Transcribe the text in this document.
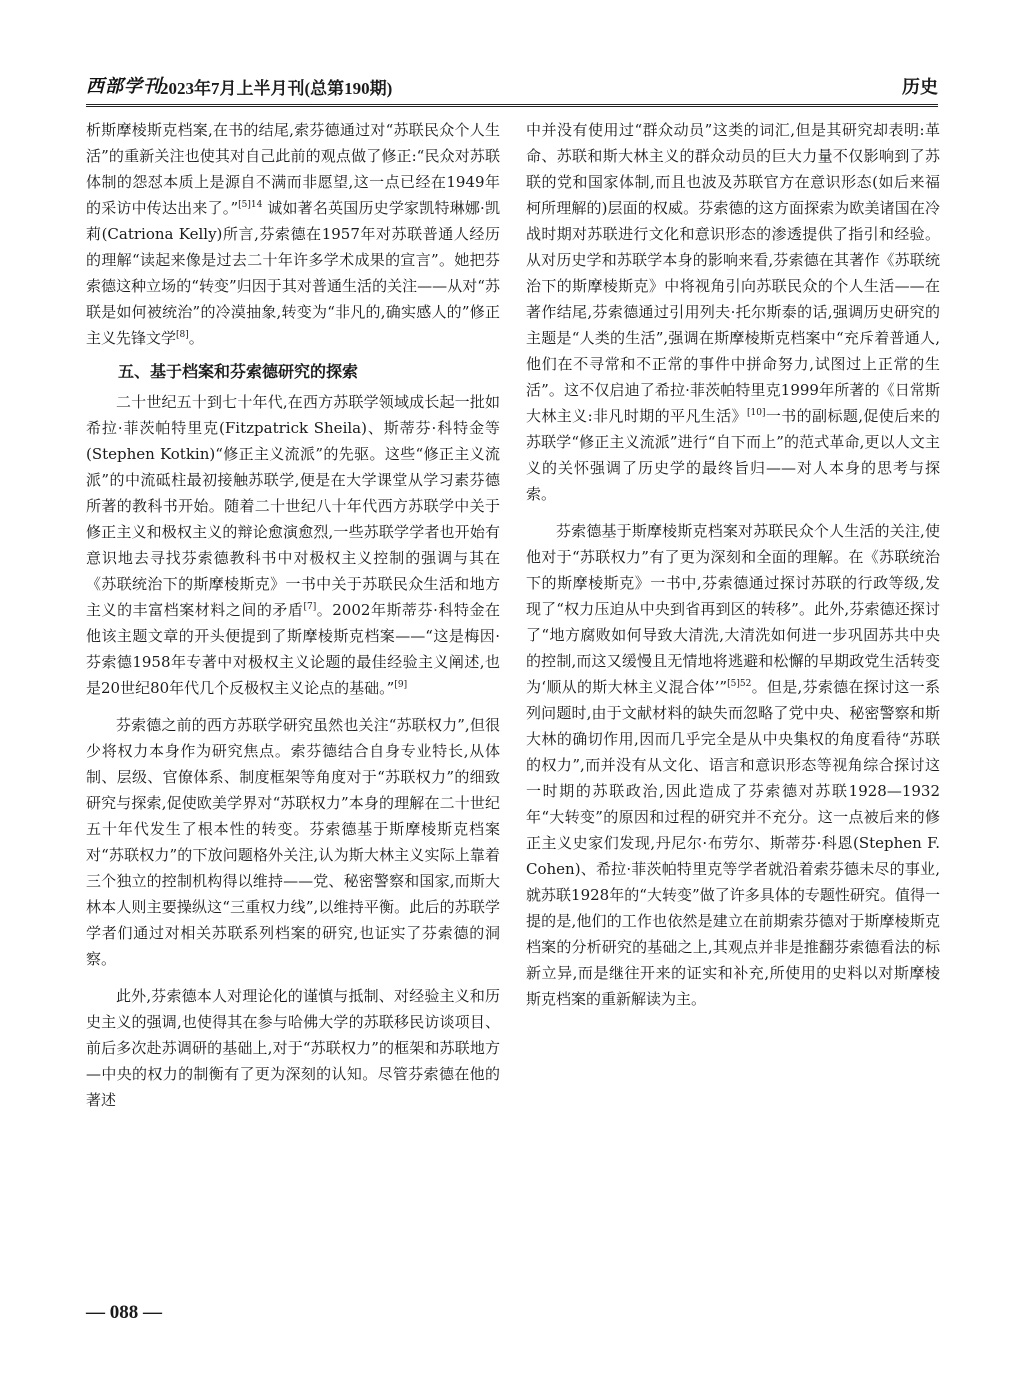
西部学刊
2023年7月上半月刊(总第190期)	历史

析斯摩棱斯克档案,在书的结尾,索芬德通过对“苏联民众个人生活”的重新关注也使其对自己此前的观点做了修正:“民众对苏联体制的怨怼本质上是源自不满而非愿望,这一点已经在1949年的采访中传达出来了。”$^{[5]14}$ 诚如著名英国历史学家凯特琳娜·凯莉(Catriona Kelly)所言,芬索德在1957年对苏联普通人经历的理解“读起来像是过去二十年许多学术成果的宣言”。她把芬索德这种立场的“转变”归因于其对普通生活的关注——从对“苏联是如何被统治”的冷漠抽象,转变为“非凡的,确实感人的”修正主义先锋文学[8]。

五、基于档案和芬索德研究的探索

二十世纪五十到七十年代,在西方苏联学领域成长起一批如希拉·菲茨帕特里克(Fitzpatrick Sheila)、斯蒂芬·科特金等(Stephen Kotkin)“修正主义流派”的先驱。这些“修正主义流派”的中流砥柱最初接触苏联学,便是在大学课堂从学习素芬德所著的教科书开始。随着二十世纪八十年代西方苏联学中关于修正主义和极权主义的辩论愈演愈烈,一些苏联学学者也开始有意识地去寻找芬索德教科书中对极权主义控制的强调与其在《苏联统治下的斯摩棱斯克》一书中关于苏联民众生活和地方主义的丰富档案材料之间的矛盾[7]。2002年斯蒂芬·科特金在他该主题文章的开头便提到了斯摩棱斯克档案——“这是梅因·芬索德1958年专著中对极权主义论题的最佳经验主义阐述,也是20世纪80年代几个反极权主义论点的基础。”[9]

芬索德之前的西方苏联学研究虽然也关注“苏联权力”,但很少将权力本身作为研究焦点。索芬德结合自身专业特长,从体制、层级、官僚体系、制度框架等角度对于“苏联权力”的细致研究与探索,促使欧美学界对“苏联权力”本身的理解在二十世纪五十年代发生了根本性的转变。芬索德基于斯摩棱斯克档案对“苏联权力”的下放问题格外关注,认为斯大林主义实际上靠着三个独立的控制机构得以维持——党、秘密警察和国家,而斯大林本人则主要操纵这“三重权力线”,以维持平衡。此后的苏联学学者们通过对相关苏联系列档案的研究,也证实了芬索德的洞察。

此外,芬索德本人对理论化的谨慎与抵制、对经验主义和历史主义的强调,也使得其在参与哈佛大学的苏联移民访谈项目、前后多次赴苏调研的基础上,对于“苏联权力”的框架和苏联地方—中央的权力的制衡有了更为深刻的认知。尽管芬索德在他的著述

中并没有使用过“群众动员”这类的词汇,但是其研究却表明:革命、苏联和斯大林主义的群众动员的巨大力量不仅影响到了苏联的党和国家体制,而且也波及苏联官方在意识形态(如后来福柯所理解的)层面的权威。芬索德的这方面探索为欧美诸国在冷战时期对苏联进行文化和意识形态的渗透提供了指引和经验。从对历史学和苏联学本身的影响来看,芬索德在其著作《苏联统治下的斯摩棱斯克》中将视角引向苏联民众的个人生活——在著作结尾,芬索德通过引用列夫·托尔斯泰的话,强调历史研究的主题是“人类的生活”,强调在斯摩棱斯克档案中“充斥着普通人,他们在不寻常和不正常的事件中拼命努力,试图过上正常的生活”。这不仅启迪了希拉·菲茨帕特里克1999年所著的《日常斯大林主义:非凡时期的平凡生活》[10]一书的副标题,促使后来的苏联学“修正主义流派”进行“自下而上”的范式革命,更以人文主义的关怀强调了历史学的最终旨归——对人本身的思考与探索。

芬索德基于斯摩棱斯克档案对苏联民众个人生活的关注,使他对于“苏联权力”有了更为深刻和全面的理解。在《苏联统治下的斯摩棱斯克》一书中,芬索德通过探讨苏联的行政等级,发现了“权力压迫从中央到省再到区的转移”。此外,芬索德还探讨了“地方腐败如何导致大清洗,大清洗如何进一步巩固苏共中央的控制,而这又缓慢且无情地将逃避和松懈的早期政党生活转变为‘顺从的斯大林主义混合体’”$^{[5]52}$。但是,芬索德在探讨这一系列问题时,由于文献材料的缺失而忽略了党中央、秘密警察和斯大林的确切作用,因而几乎完全是从中央集权的角度看待“苏联的权力”,而并没有从文化、语言和意识形态等视角综合探讨这一时期的苏联政治,因此造成了芬索德对苏联1928—1932年“大转变”的原因和过程的研究并不充分。这一点被后来的修正主义史家们发现,丹尼尔·布劳尔、斯蒂芬·科恩(Stephen F. Cohen)、希拉·菲茨帕特里克等学者就沿着索芬德未尽的事业,就苏联1928年的“大转变”做了许多具体的专题性研究。值得一提的是,他们的工作也依然是建立在前期索芬德对于斯摩棱斯克档案的分析研究的基础之上,其观点并非是推翻芬索德看法的标新立异,而是继往开来的证实和补充,所使用的史料以对斯摩棱斯克档案的重新解读为主。

— 088 —
